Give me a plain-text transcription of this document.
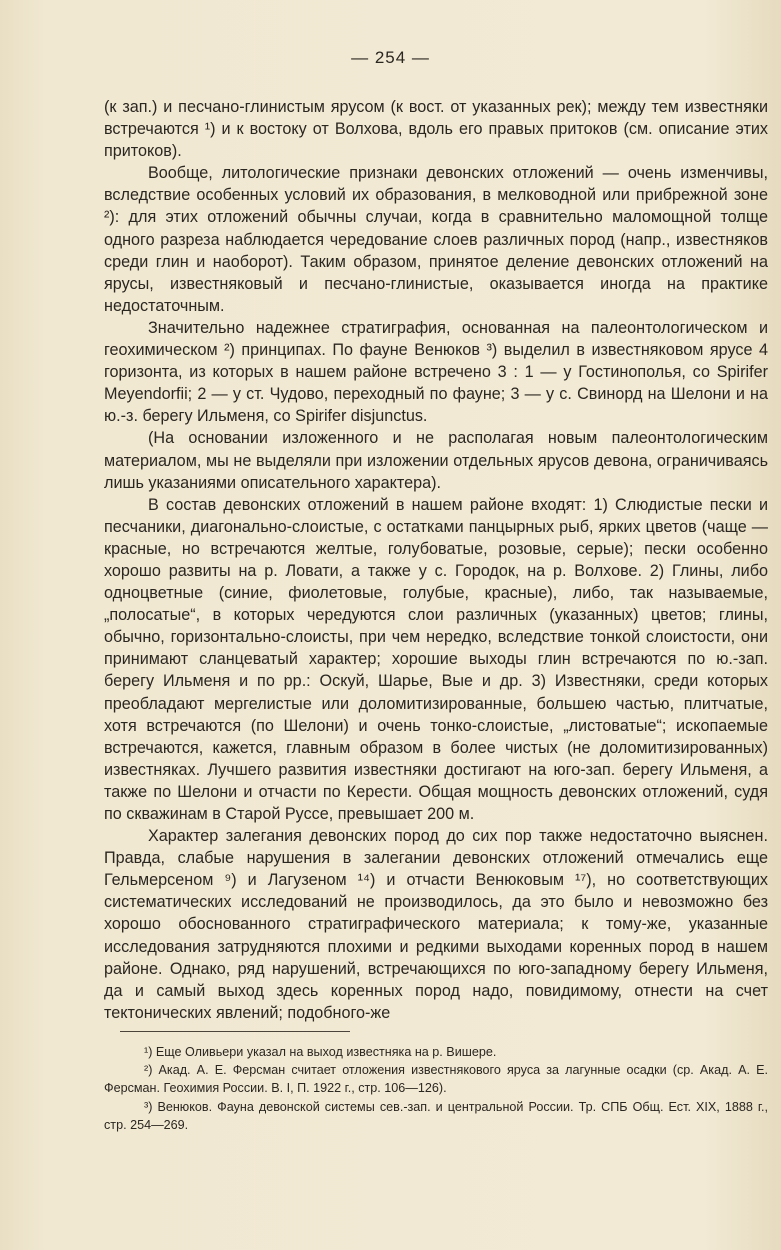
— 254 —

(к зап.) и песчано-глинистым ярусом (к вост. от указанных рек); между тем известняки встречаются ¹) и к востоку от Волхова, вдоль его правых притоков (см. описание этих притоков).

Вообще, литологические признаки девонских отложений — очень изменчивы, вследствие особенных условий их образования, в мелководной или прибрежной зоне ²): для этих отложений обычны случаи, когда в сравнительно маломощной толще одного разреза наблюдается чередование слоев различных пород (напр., известняков среди глин и наоборот). Таким образом, принятое деление девонских отложений на ярусы, известняковый и песчано-глинистые, оказывается иногда на практике недостаточным.

Значительно надежнее стратиграфия, основанная на палеонтологическом и геохимическом ²) принципах. По фауне Венюков ³) выделил в известняковом ярусе 4 горизонта, из которых в нашем районе встречено 3 : 1 — у Гостинополья, со Spirifer Meyendorfii; 2 — у ст. Чудово, переходный по фауне; 3 — у с. Свинорд на Шелони и на ю.-з. берегу Ильменя, со Spirifer disjunctus.

(На основании изложенного и не располагая новым палеонтологическим материалом, мы не выделяли при изложении отдельных ярусов девона, ограничиваясь лишь указаниями описательного характера).

В состав девонских отложений в нашем районе входят: 1) Слюдистые пески и песчаники, диагонально-слоистые, с остатками панцырных рыб, ярких цветов (чаще — красные, но встречаются желтые, голубоватые, розовые, серые); пески особенно хорошо развиты на р. Ловати, а также у с. Городок, на р. Волхове. 2) Глины, либо одноцветные (синие, фиолетовые, голубые, красные), либо, так называемые, „полосатые“, в которых чередуются слои различных (указанных) цветов; глины, обычно, горизонтально-слоисты, при чем нередко, вследствие тонкой слоистости, они принимают сланцеватый характер; хорошие выходы глин встречаются по ю.-зап. берегу Ильменя и по рр.: Оскуй, Шарье, Вые и др. 3) Известняки, среди которых преобладают мергелистые или доломитизированные, большею частью, плитчатые, хотя встречаются (по Шелони) и очень тонко-слоистые, „листоватые“; ископаемые встречаются, кажется, главным образом в более чистых (не доломитизированных) известняках. Лучшего развития известняки достигают на юго-зап. берегу Ильменя, а также по Шелони и отчасти по Керести. Общая мощность девонских отложений, судя по скважинам в Старой Руссе, превышает 200 м.

Характер залегания девонских пород до сих пор также недостаточно выяснен. Правда, слабые нарушения в залегании девонских отложений отмечались еще Гельмерсеном ⁹) и Лагузеном ¹⁴) и отчасти Венюковым ¹⁷), но соответствующих систематических исследований не производилось, да это было и невозможно без хорошо обоснованного стратиграфического материала; к тому-же, указанные исследования затрудняются плохими и редкими выходами коренных пород в нашем районе. Однако, ряд нарушений, встречающихся по юго-западному берегу Ильменя, да и самый выход здесь коренных пород надо, повидимому, отнести на счет тектонических явлений; подобного-же

¹) Еще Оливьери указал на выход известняка на р. Вишере.

²) Акад. А. Е. Ферсман считает отложения известнякового яруса за лагунные осадки (ср. Акад. А. Е. Ферсман. Геохимия России. В. I, П. 1922 г., стр. 106—126).

³) Венюков. Фауна девонской системы сев.-зап. и центральной России. Тр. СПБ Общ. Ест. XIX, 1888 г., стр. 254—269.
